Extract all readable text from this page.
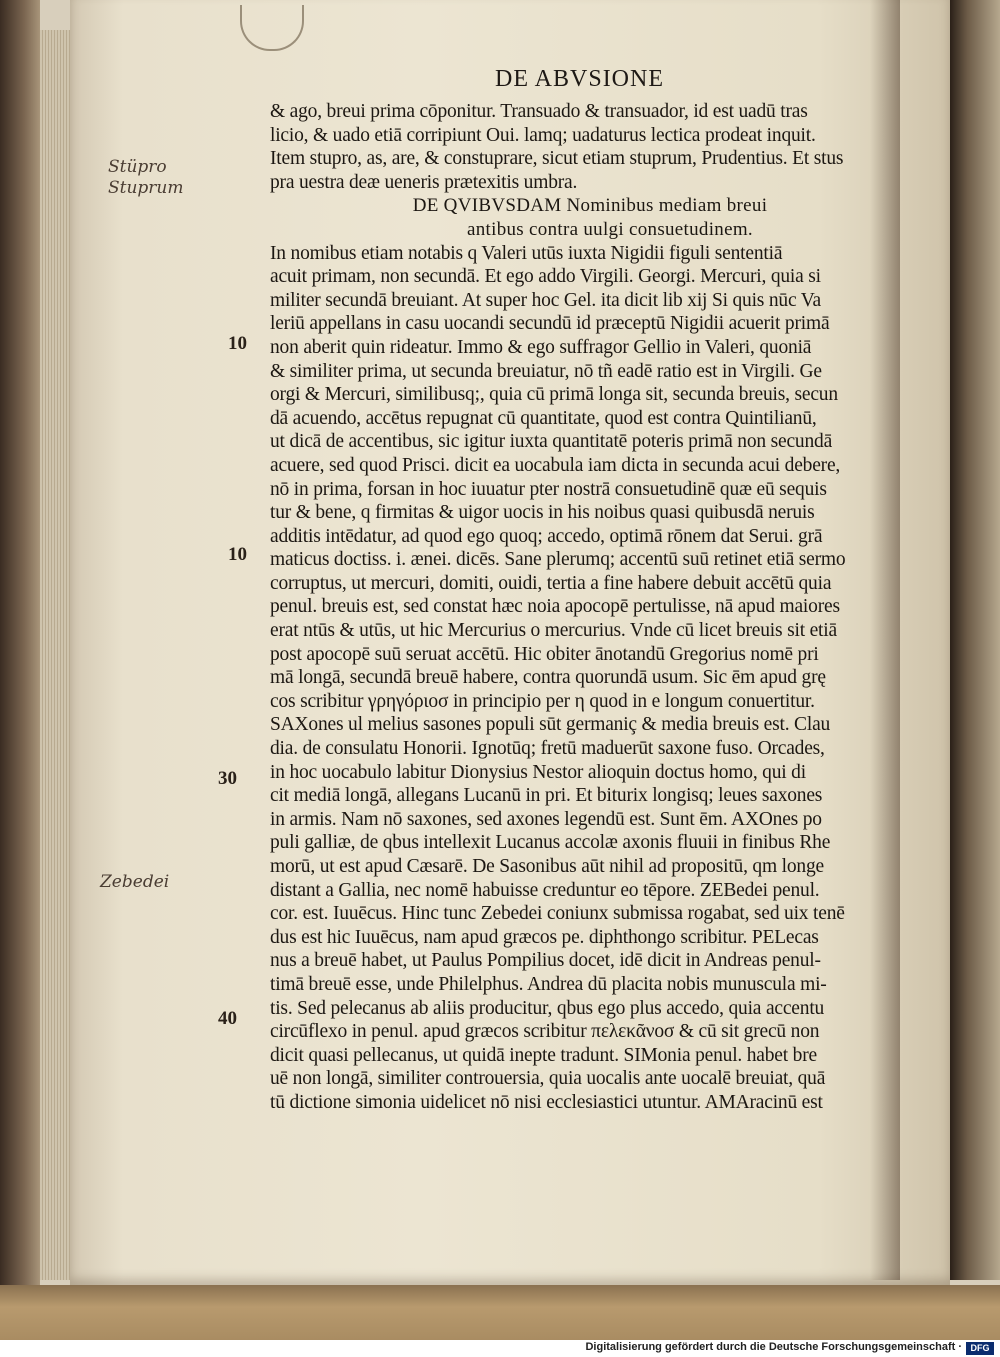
DE ABVSIONE
& ago, breui prima cōponitur. Transuado & transuador, id est uadū tras
licio, & uado etiā corripiunt Oui. lamq; uadaturus lectica prodeat inquit.
Item stupro, as, are, & constuprare, sicut etiam stuprum, Prudentius. Et stus
pra uestra deæ ueneris prætexitis umbra.
DE QVIBVSDAM Nominibus mediam breui
antibus contra uulgi consuetudinem.
In nomibus etiam notabis q Valeri utūs iuxta Nigidii figuli sententiā
acuit primam, non secundā. Et ego addo Virgili. Georgi. Mercuri, quia si
militer secundā breuiant. At super hoc Gel. ita dicit lib xij Si quis nūc Va
leriū appellans in casu uocandi secundū id præceptū Nigidii acuerit primā
non aberit quin rideatur. Immo & ego suffragor Gellio in Valeri, quoniā
& similiter prima, ut secunda breuiatur, nō tñ eadē ratio est in Virgili. Ge
orgi & Mercuri, similibusq;, quia cū primā longa sit, secunda breuis, secun
dā acuendo, accētus repugnat cū quantitate, quod est contra Quintilianū,
ut dicā de accentibus, sic igitur iuxta quantitatē poteris primā non secundā
acuere, sed quod Prisci. dicit ea uocabula iam dicta in secunda acui debere,
nō in prima, forsan in hoc iuuatur pter nostrā consuetudinē quæ eū sequis
tur & bene, q firmitas & uigor uocis in his noibus quasi quibusdā neruis
additis intēdatur, ad quod ego quoq; accedo, optimā rōnem dat Serui. grā
maticus doctiss. i. ænei. dicēs. Sane plerumq; accentū suū retinet etiā sermo
corruptus, ut mercuri, domiti, ouidi, tertia a fine habere debuit accētū quia
penul. breuis est, sed constat hæc noia apocopē pertulisse, nā apud maiores
erat ntūs & utūs, ut hic Mercurius o mercurius. Vnde cū licet breuis sit etiā
post apocopē suū seruat accētū. Hic obiter ānotandū Gregorius nomē pri
mā longā, secundā breuē habere, contra quorundā usum. Sic ēm apud grę
cos scribitur γρηγόριοσ in principio per η quod in e longum conuertitur.
SAXones ul melius sasones populi sūt germaniç & media breuis est. Clau
dia. de consulatu Honorii. Ignotūq; fretū maduerūt saxone fuso. Orcades,
in hoc uocabulo labitur Dionysius Nestor alioquin doctus homo, qui di
cit mediā longā, allegans Lucanū in pri. Et biturix longisq; leues saxones
in armis. Nam nō saxones, sed axones legendū est. Sunt ēm. AXOnes po
puli galliæ, de qbus intellexit Lucanus accolæ axonis fluuii in finibus Rhe
morū, ut est apud Cæsarē. De Sasonibus aūt nihil ad propositū, qm longe
distant a Gallia, nec nomē habuisse creduntur eo tēpore. ZEBedei penul.
cor. est. Iuuēcus. Hinc tunc Zebedei coniunx submissa rogabat, sed uix tenē
dus est hic Iuuēcus, nam apud græcos pe. diphthongo scribitur. PELecas
nus a breuē habet, ut Paulus Pompilius docet, idē dicit in Andreas penul-
timā breuē esse, unde Philelphus. Andrea dū placita nobis munuscula mi-
tis. Sed pelecanus ab aliis producitur, qbus ego plus accedo, quia accentu
circūflexo in penul. apud græcos scribitur πελεκᾶνοσ & cū sit grecū non
dicit quasi pellecanus, ut quidā inepte tradunt. SIMonia penul. habet bre
uē non longā, similiter controuersia, quia uocalis ante uocalē breuiat, quā
tū dictione simonia uidelicet nō nisi ecclesiastici utuntur. AMAracinū est
10
10
30
40
Stüpro
Stuprum
Zebedei
Digitalisierung gefördert durch die Deutsche Forschungsgemeinschaft · DFG
